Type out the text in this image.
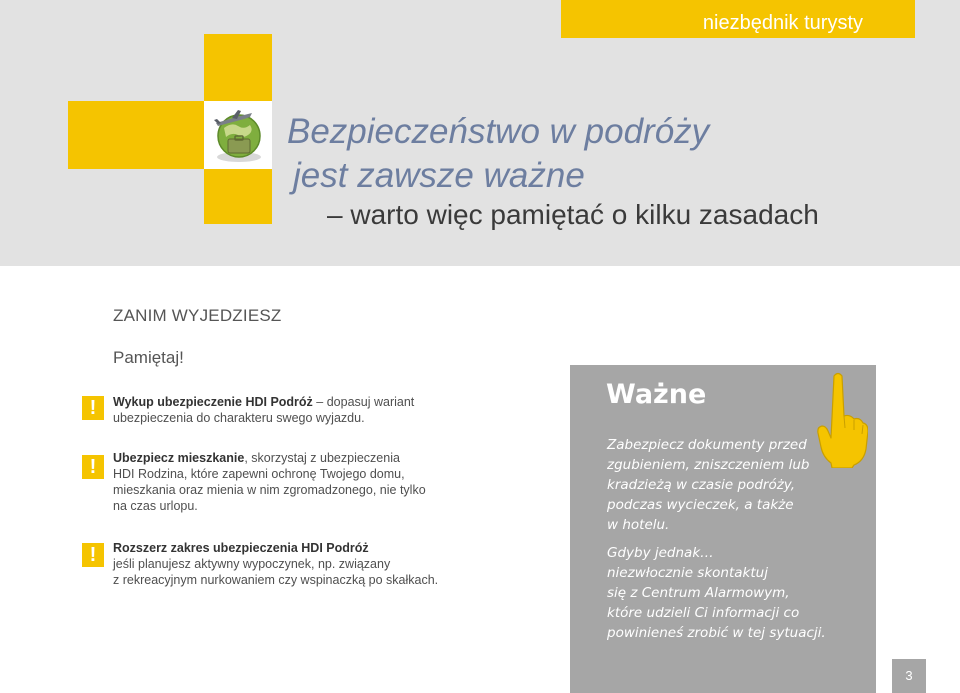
niezbędnik turysty
Bezpieczeństwo w podróży
jest zawsze ważne
– warto więc pamiętać o kilku zasadach
ZANIM WYJEDZIESZ
Pamiętaj!
!	Wykup ubezpieczenie HDI Podróż – dopasuj wariant
ubezpieczenia do charakteru swego wyjazdu.
!	Ubezpiecz mieszkanie, skorzystaj z ubezpieczenia
HDI Rodzina, które zapewni ochronę Twojego domu,
mieszkania oraz mienia w nim zgromadzonego, nie tylko
na czas urlopu.
!	Rozszerz zakres ubezpieczenia HDI Podróż
jeśli planujesz aktywny wypoczynek, np. związany
z rekreacyjnym nurkowaniem czy wspinaczką po skałkach.
Ważne
Zabezpiecz dokumenty przed
zgubieniem, zniszczeniem lub
kradzieżą w czasie podróży,
podczas wycieczek, a także
w hotelu.
Gdyby jednak…
niezwłocznie skontaktuj
się z Centrum Alarmowym,
które udzieli Ci informacji co
powinieneś zrobić w tej sytuacji.
3
